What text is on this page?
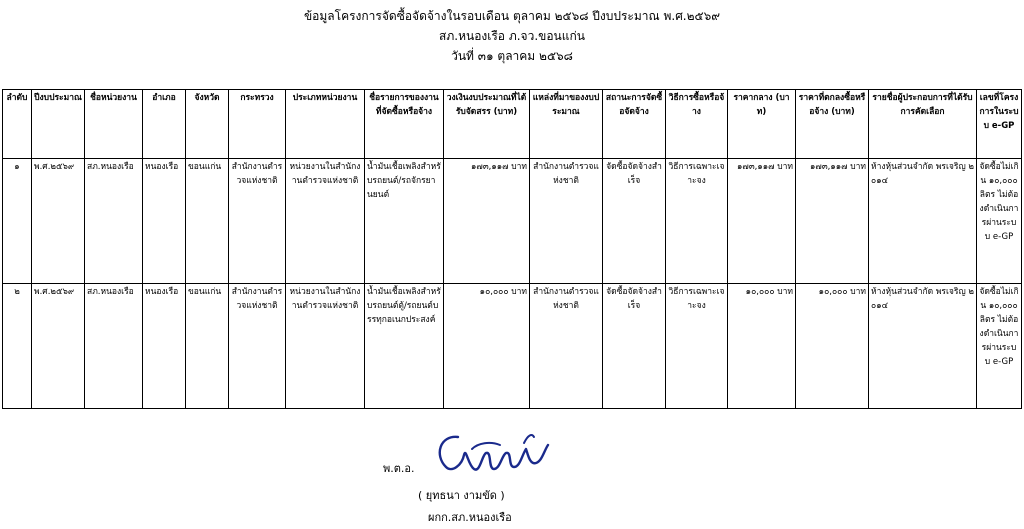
ข้อมูลโครงการจัดซื้อจัดจ้างในรอบเดือน ตุลาคม ๒๕๖๘ ปีงบประมาณ พ.ศ.๒๕๖๙
สภ.หนองเรือ ภ.จว.ขอนแก่น
วันที่ ๓๑ ตุลาคม ๒๕๖๘
ลำดับ	ปีงบประมาณ	ชื่อหน่วยงาน	อำเภอ	จังหวัด	กระทรวง	ประเภทหน่วยงาน	ชื่อรายการของงานที่จัดซื้อหรือจ้าง	วงเงินงบประมาณที่ได้รับจัดสรร (บาท)	แหล่งที่มาของงบประมาณ	สถานะการจัดซื้อจัดจ้าง	วิธีการซื้อหรือจ้าง	ราคากลาง (บาท)	ราคาที่ตกลงซื้อหรือจ้าง (บาท)	รายชื่อผู้ประกอบการที่ได้รับการคัดเลือก	เลขที่โครงการในระบบ e-GP
๑	พ.ศ.๒๕๖๙	สภ.หนองเรือ	หนองเรือ	ขอนแก่น	สำนักงานตำรวจแห่งชาติ	หน่วยงานในสำนักงานตำรวจแห่งชาติ	น้ำมันเชื้อเพลิงสำหรับรถยนต์/รถจักรยานยนต์	๑๗๓,๑๑๗ บาท	สำนักงานตำรวจแห่งชาติ	จัดซื้อจัดจ้างสำเร็จ	วิธีการเฉพาะเจาะจง	๑๗๓,๑๑๗ บาท	๑๗๓,๑๑๗ บาท	ห้างหุ้นส่วนจำกัด พรเจริญ ๒๐๑๔	จัดซื้อไม่เกิน ๑๐,๐๐๐ ลิตร ไม่ต้องดำเนินการผ่านระบบ e-GP
๒	พ.ศ.๒๕๖๙	สภ.หนองเรือ	หนองเรือ	ขอนแก่น	สำนักงานตำรวจแห่งชาติ	หน่วยงานในสำนักงานตำรวจแห่งชาติ	น้ำมันเชื้อเพลิงสำหรับรถยนต์ตู้/รถยนต์บรรทุกอเนกประสงค์	๑๐,๐๐๐ บาท	สำนักงานตำรวจแห่งชาติ	จัดซื้อจัดจ้างสำเร็จ	วิธีการเฉพาะเจาะจง	๑๐,๐๐๐ บาท	๑๐,๐๐๐ บาท	ห้างหุ้นส่วนจำกัด พรเจริญ ๒๐๑๔	จัดซื้อไม่เกิน ๑๐,๐๐๐ ลิตร ไม่ต้องดำเนินการผ่านระบบ e-GP
พ.ต.อ.
( ยุทธนา งามขัด )
ผกก.สภ.หนองเรือ
